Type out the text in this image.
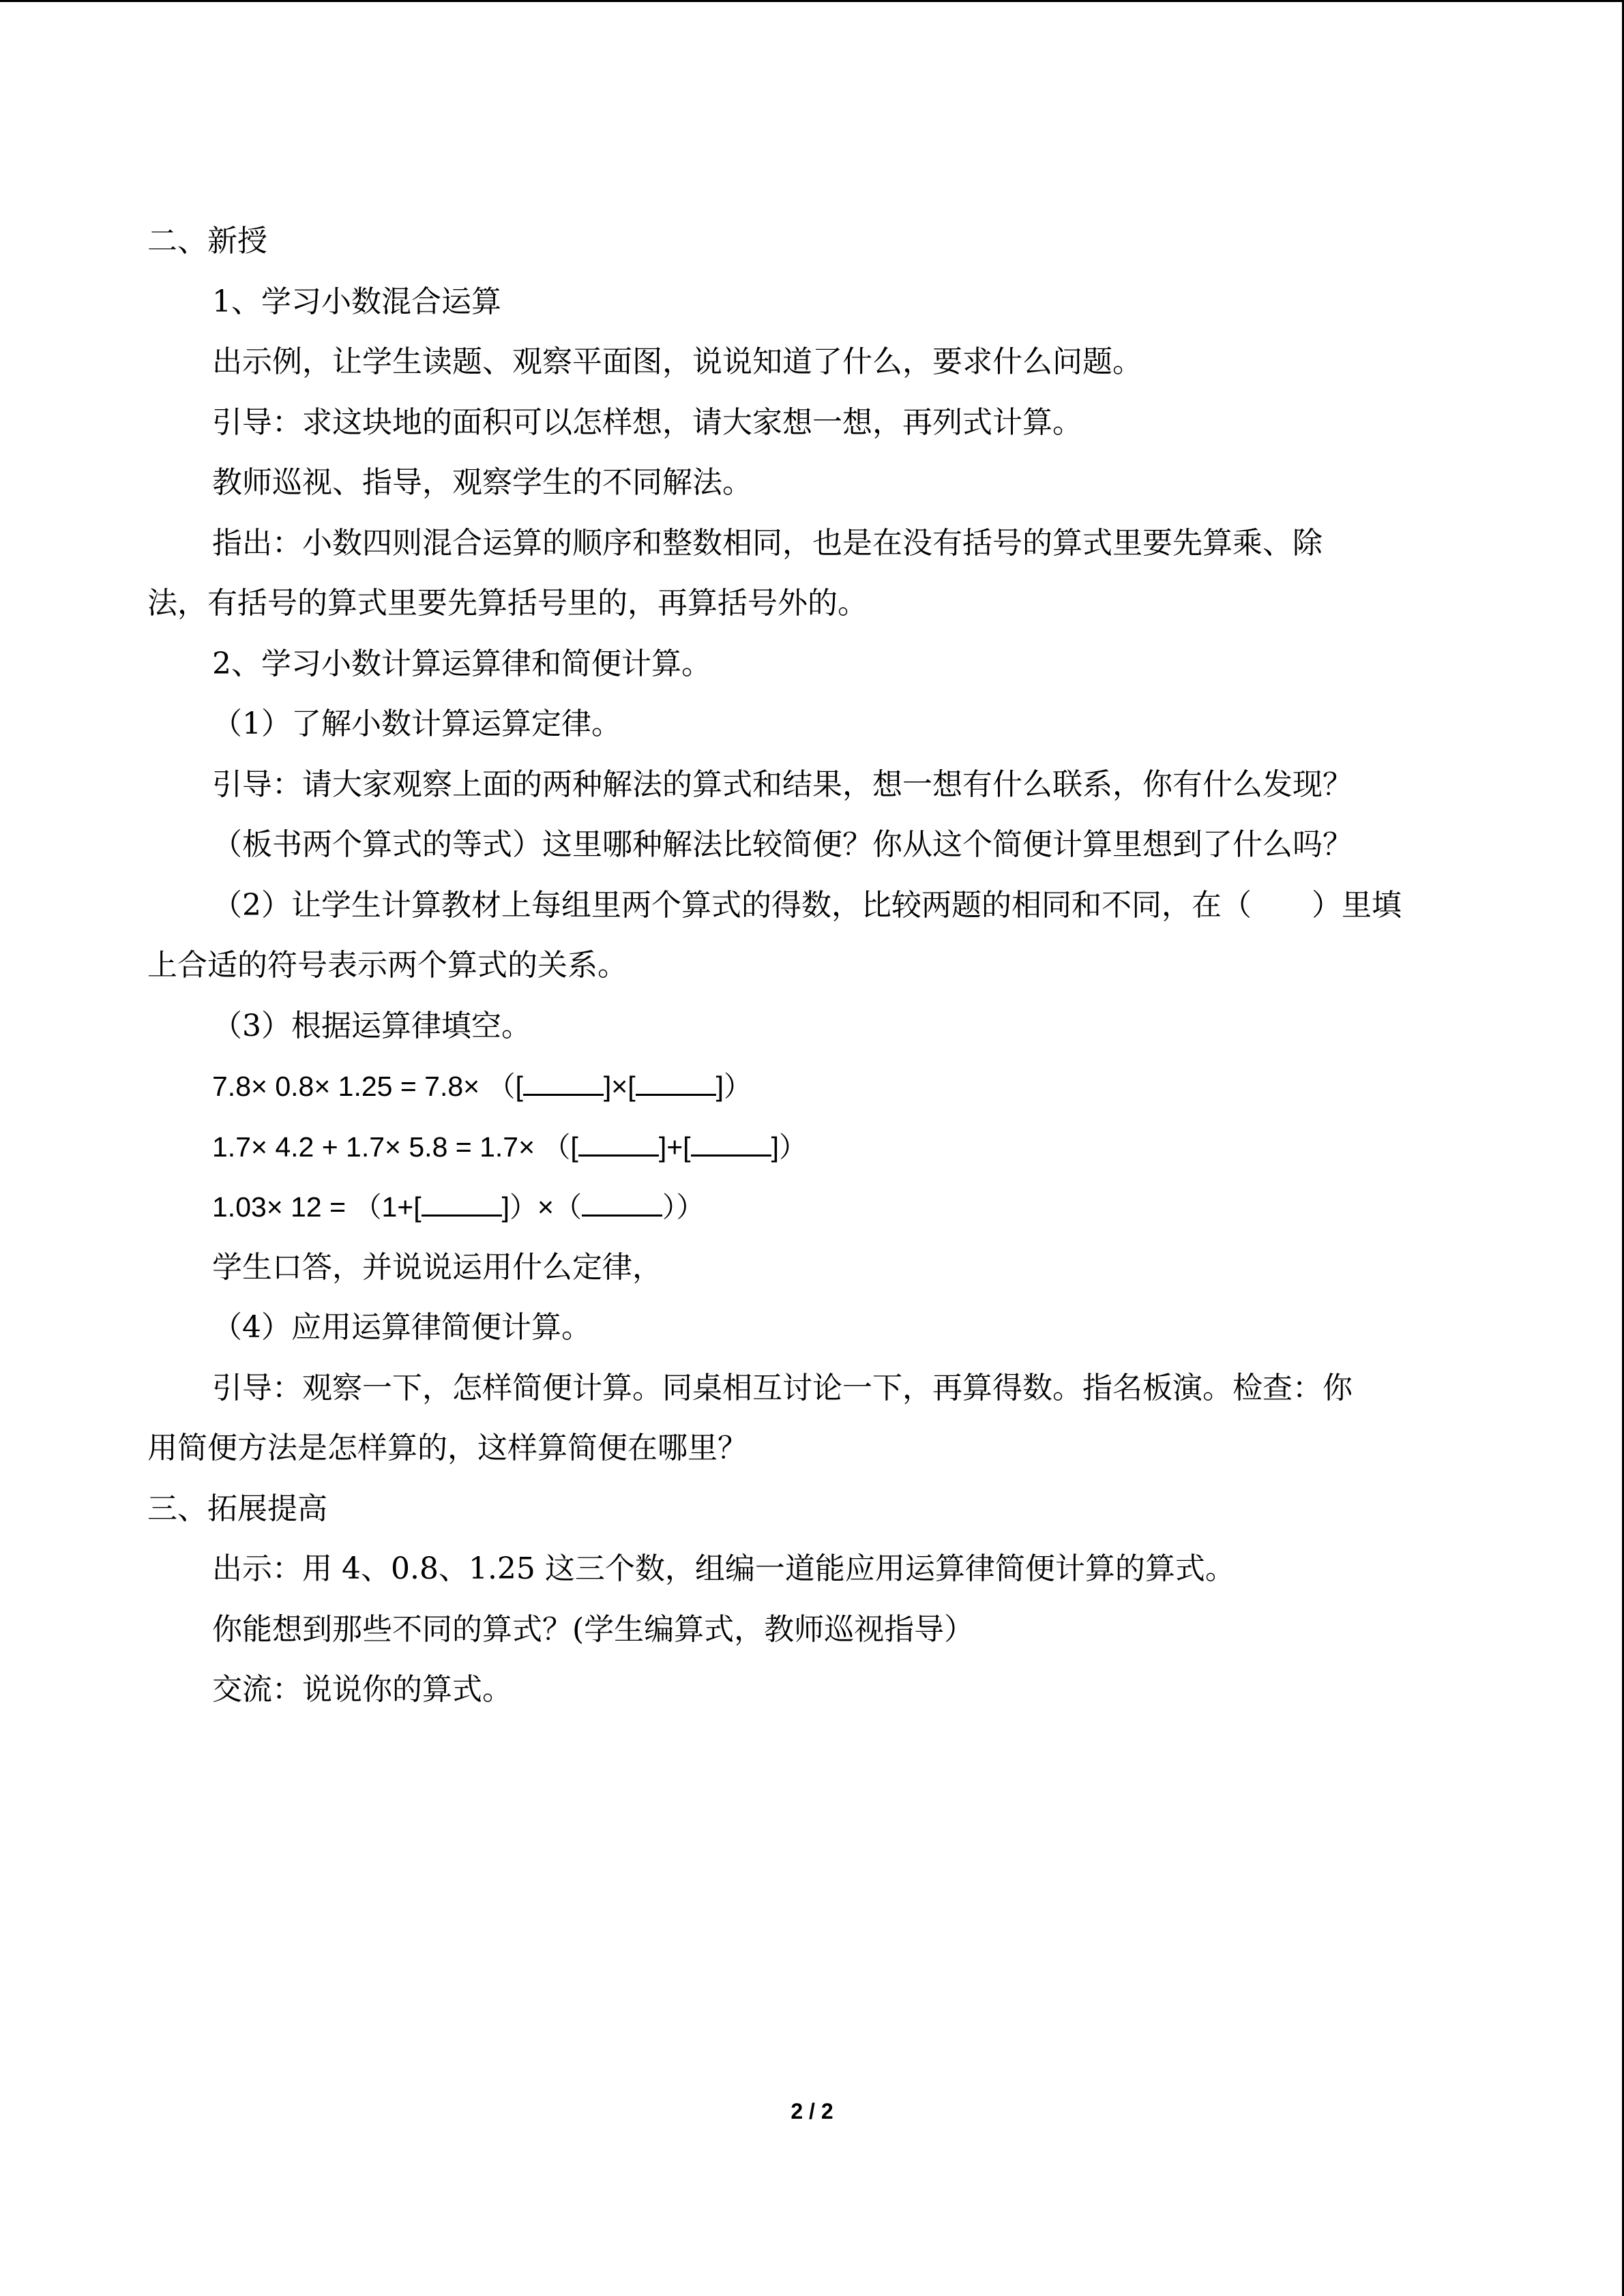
二、新授
1、学习小数混合运算
出示例，让学生读题、观察平面图，说说知道了什么，要求什么问题。
引导：求这块地的面积可以怎样想，请大家想一想，再列式计算。
教师巡视、指导，观察学生的不同解法。
指出：小数四则混合运算的顺序和整数相同，也是在没有括号的算式里要先算乘、除
法，有括号的算式里要先算括号里的，再算括号外的。
2、学习小数计算运算律和简便计算。
（1）了解小数计算运算定律。
引导：请大家观察上面的两种解法的算式和结果，想一想有什么联系，你有什么发现？
（板书两个算式的等式）这里哪种解法比较简便？你从这个简便计算里想到了什么吗？
（2）让学生计算教材上每组里两个算式的得数，比较两题的相同和不同，在（　　）里填
上合适的符号表示两个算式的关系。
（3）根据运算律填空。
7.8× 0.8× 1.25 = 7.8× （[	]×[	]）
1.7× 4.2 + 1.7× 5.8 = 1.7× （[	]+[	]）
1.03× 12 = （1+[	]）×（	））
学生口答，并说说运用什么定律，
（4）应用运算律简便计算。
引导：观察一下，怎样简便计算。同桌相互讨论一下，再算得数。指名板演。检查：你
用简便方法是怎样算的，这样算简便在哪里？
三、拓展提高
出示：用 4、0.8、1.25 这三个数，组编一道能应用运算律简便计算的算式。
你能想到那些不同的算式？(学生编算式，教师巡视指导）
交流：说说你的算式。
2 / 2
